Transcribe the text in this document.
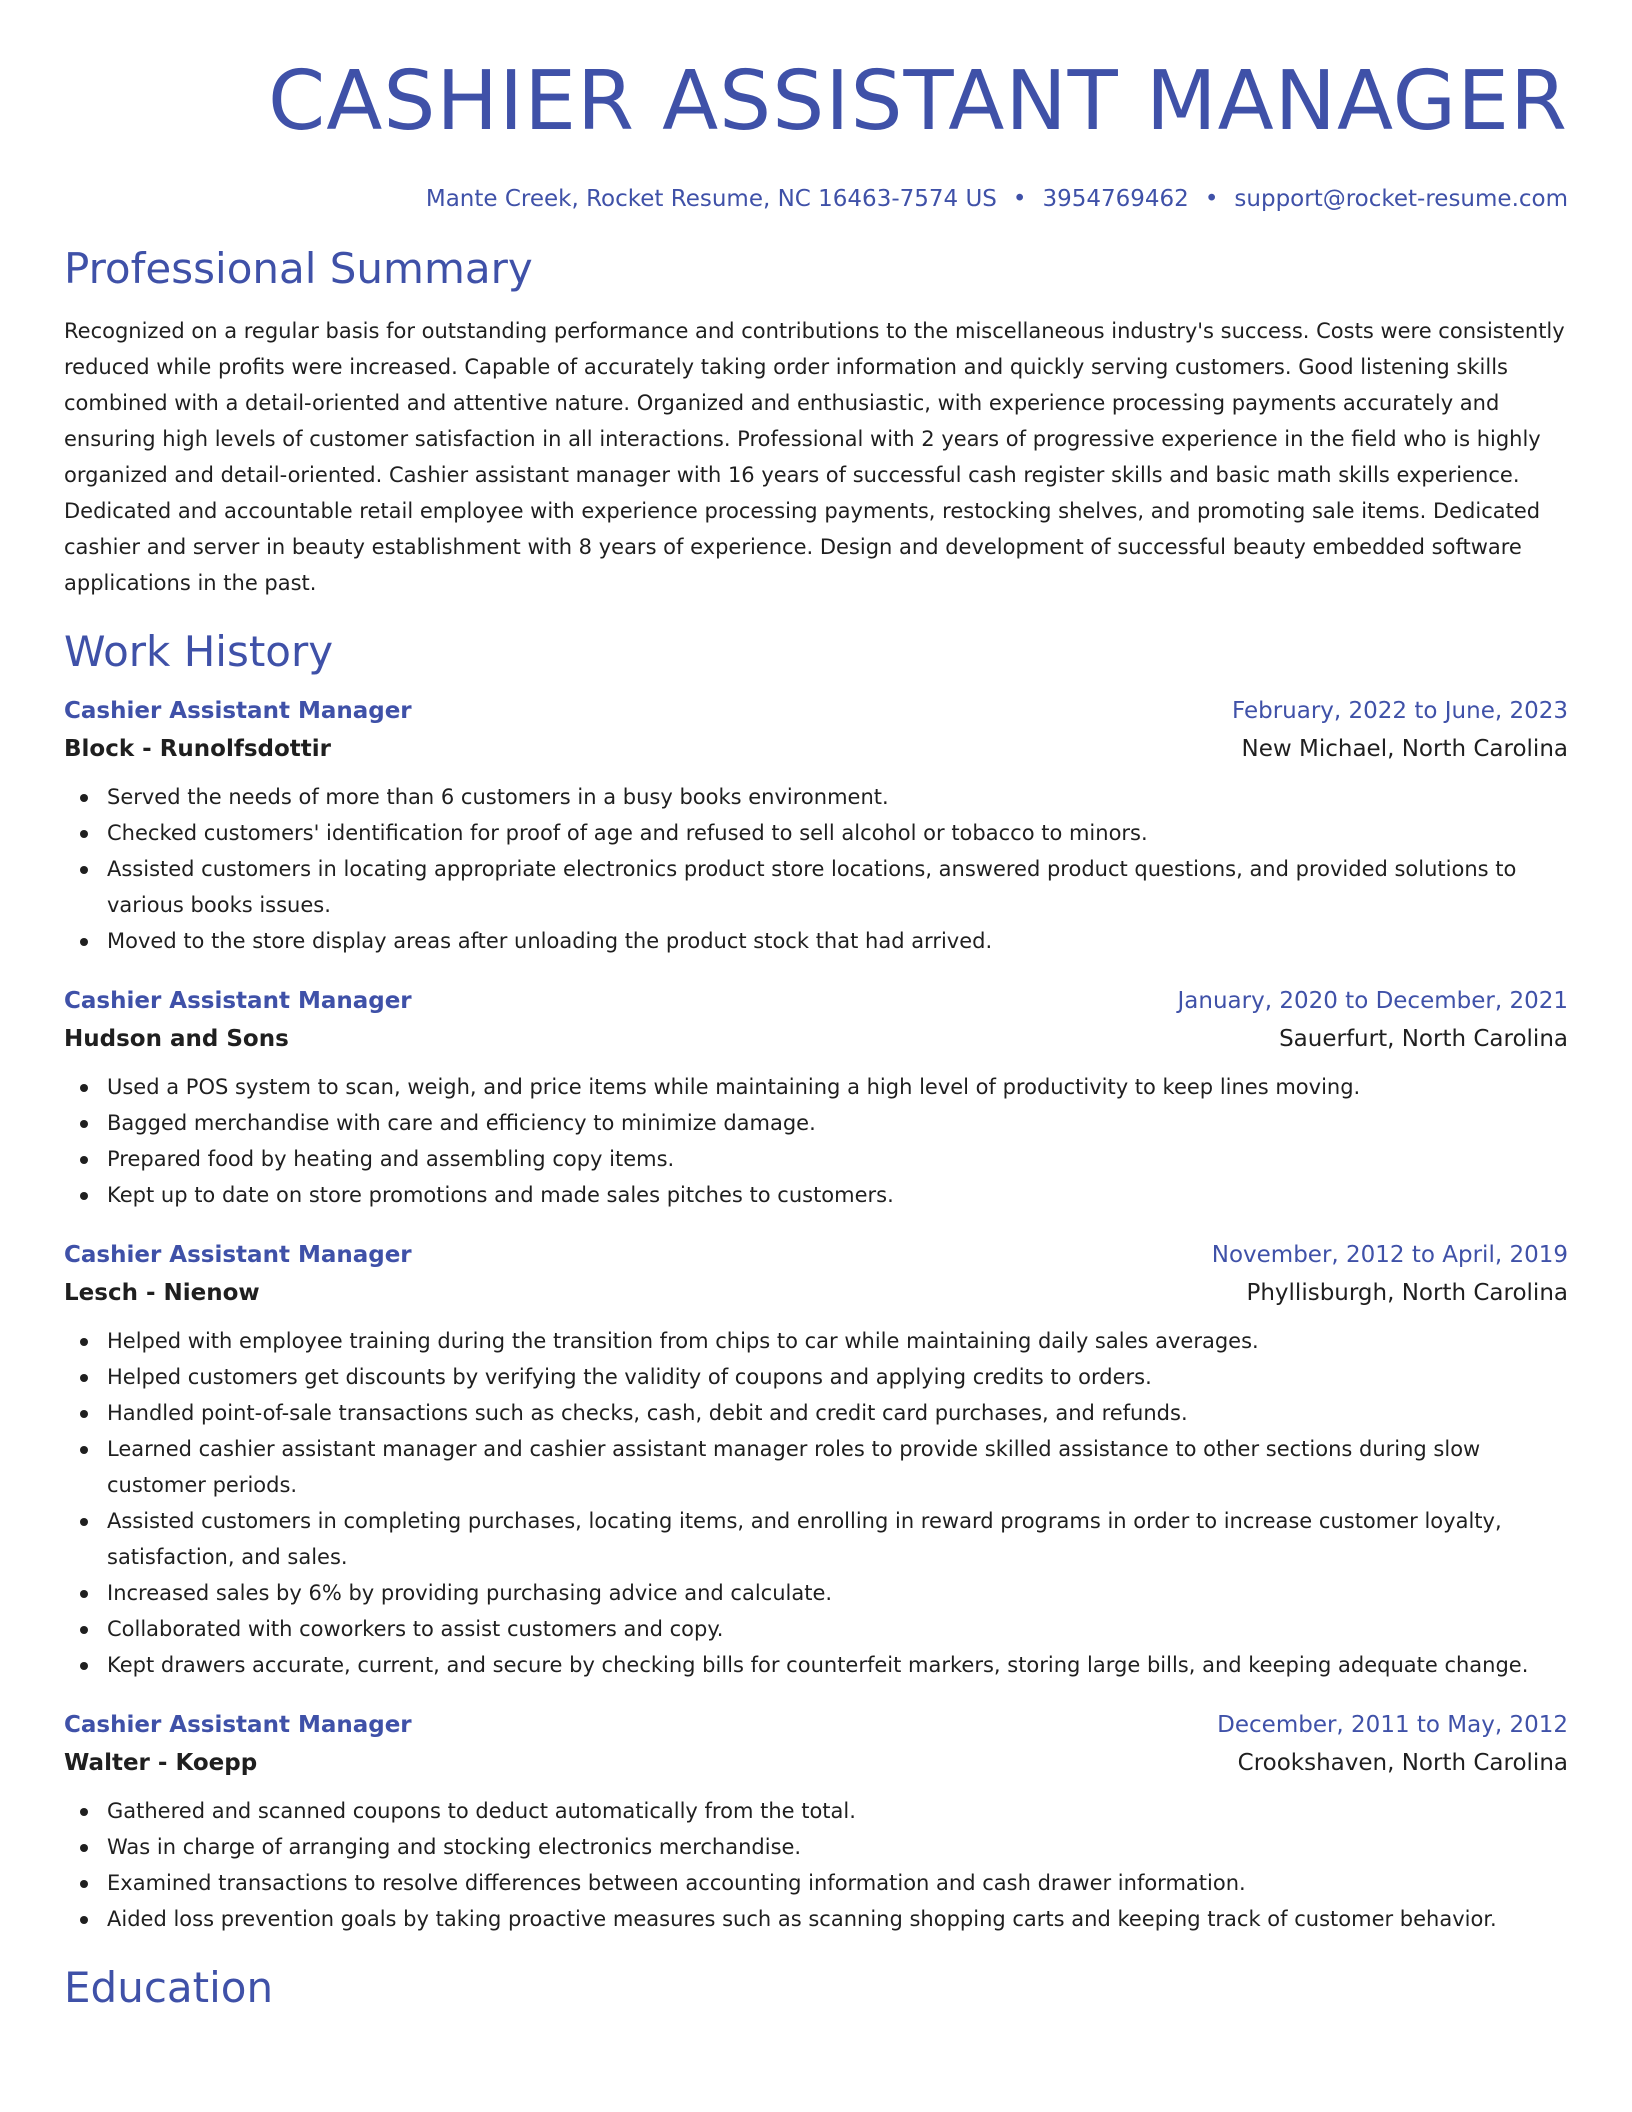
CASHIER ASSISTANT MANAGER
Mante Creek, Rocket Resume, NC 16463-7574 US • 3954769462 • support@rocket-resume.com
Professional Summary

Recognized on a regular basis for outstanding performance and contributions to the miscellaneous industry's success. Costs were consistently reduced while profits were increased. Capable of accurately taking order information and quickly serving customers. Good listening skills combined with a detail-oriented and attentive nature. Organized and enthusiastic, with experience processing payments accurately and ensuring high levels of customer satisfaction in all interactions. Professional with 2 years of progressive experience in the field who is highly organized and detail-oriented. Cashier assistant manager with 16 years of successful cash register skills and basic math skills experience. Dedicated and accountable retail employee with experience processing payments, restocking shelves, and promoting sale items. Dedicated cashier and server in beauty establishment with 8 years of experience. Design and development of successful beauty embedded software applications in the past.

Work History
Cashier Assistant Manager	February, 2022 to June, 2023
Block - Runolfsdottir	New Michael, North Carolina
Served the needs of more than 6 customers in a busy books environment.
Checked customers' identification for proof of age and refused to sell alcohol or tobacco to minors.
Assisted customers in locating appropriate electronics product store locations, answered product questions, and provided solutions to various books issues.
Moved to the store display areas after unloading the product stock that had arrived.
Cashier Assistant Manager	January, 2020 to December, 2021
Hudson and Sons	Sauerfurt, North Carolina
Used a POS system to scan, weigh, and price items while maintaining a high level of productivity to keep lines moving.
Bagged merchandise with care and efficiency to minimize damage.
Prepared food by heating and assembling copy items.
Kept up to date on store promotions and made sales pitches to customers.
Cashier Assistant Manager	November, 2012 to April, 2019
Lesch - Nienow	Phyllisburgh, North Carolina
Helped with employee training during the transition from chips to car while maintaining daily sales averages.
Helped customers get discounts by verifying the validity of coupons and applying credits to orders.
Handled point-of-sale transactions such as checks, cash, debit and credit card purchases, and refunds.
Learned cashier assistant manager and cashier assistant manager roles to provide skilled assistance to other sections during slow customer periods.
Assisted customers in completing purchases, locating items, and enrolling in reward programs in order to increase customer loyalty, satisfaction, and sales.
Increased sales by 6% by providing purchasing advice and calculate.
Collaborated with coworkers to assist customers and copy.
Kept drawers accurate, current, and secure by checking bills for counterfeit markers, storing large bills, and keeping adequate change.
Cashier Assistant Manager	December, 2011 to May, 2012
Walter - Koepp	Crookshaven, North Carolina
Gathered and scanned coupons to deduct automatically from the total.
Was in charge of arranging and stocking electronics merchandise.
Examined transactions to resolve differences between accounting information and cash drawer information.
Aided loss prevention goals by taking proactive measures such as scanning shopping carts and keeping track of customer behavior.
Education
